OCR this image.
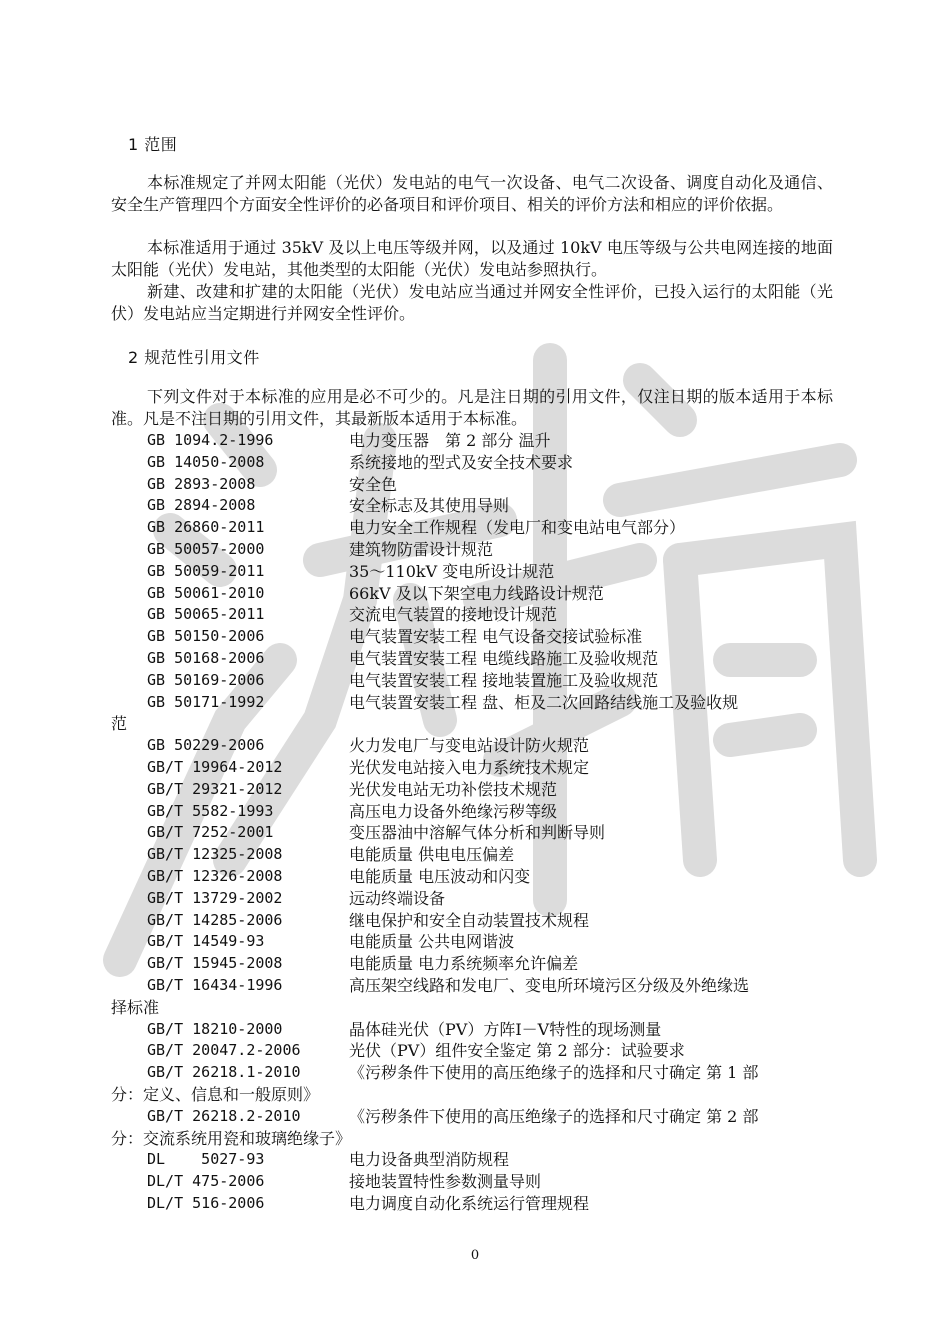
1 范围

本标准规定了并网太阳能（光伏）发电站的电气一次设备、电气二次设备、调度自动化及通信、安全生产管理四个方面安全性评价的必备项目和评价项目、相关的评价方法和相应的评价依据。

本标准适用于通过 35kV 及以上电压等级并网，以及通过 10kV 电压等级与公共电网连接的地面太阳能（光伏）发电站，其他类型的太阳能（光伏）发电站参照执行。

新建、改建和扩建的太阳能（光伏）发电站应当通过并网安全性评价，已投入运行的太阳能（光伏）发电站应当定期进行并网安全性评价。

2 规范性引用文件

下列文件对于本标准的应用是必不可少的。凡是注日期的引用文件，仅注日期的版本适用于本标准。凡是不注日期的引用文件，其最新版本适用于本标准。

GB 1094.2-1996	电力变压器　第 2 部分 温升
GB 14050-2008	系统接地的型式及安全技术要求
GB 2893-2008	安全色
GB 2894-2008	安全标志及其使用导则
GB 26860-2011	电力安全工作规程（发电厂和变电站电气部分）
GB 50057-2000	建筑物防雷设计规范
GB 50059-2011	35～110kV 变电所设计规范
GB 50061-2010	66kV 及以下架空电力线路设计规范
GB 50065-2011	交流电气装置的接地设计规范
GB 50150-2006	电气装置安装工程 电气设备交接试验标准
GB 50168-2006	电气装置安装工程 电缆线路施工及验收规范
GB 50169-2006	电气装置安装工程 接地装置施工及验收规范
GB 50171-1992	电气装置安装工程 盘、柜及二次回路结线施工及验收规
范
GB 50229-2006	火力发电厂与变电站设计防火规范
GB/T 19964-2012	光伏发电站接入电力系统技术规定
GB/T 29321-2012	光伏发电站无功补偿技术规范
GB/T 5582-1993	高压电力设备外绝缘污秽等级
GB/T 7252-2001	变压器油中溶解气体分析和判断导则
GB/T 12325-2008	电能质量 供电电压偏差
GB/T 12326-2008	电能质量 电压波动和闪变
GB/T 13729-2002	远动终端设备
GB/T 14285-2006	继电保护和安全自动装置技术规程
GB/T 14549-93	电能质量 公共电网谐波
GB/T 15945-2008	电能质量 电力系统频率允许偏差
GB/T 16434-1996	高压架空线路和发电厂、变电所环境污区分级及外绝缘选
择标准
GB/T 18210-2000	晶体硅光伏（PV）方阵Ⅰ－Ⅴ特性的现场测量
GB/T 20047.2-2006	光伏（PV）组件安全鉴定 第 2 部分：试验要求
GB/T 26218.1-2010	《污秽条件下使用的高压绝缘子的选择和尺寸确定 第 1 部
分：定义、信息和一般原则》
GB/T 26218.2-2010	《污秽条件下使用的高压绝缘子的选择和尺寸确定 第 2 部
分：交流系统用瓷和玻璃绝缘子》
DL    5027-93	电力设备典型消防规程
DL/T 475-2006	接地装置特性参数测量导则
DL/T 516-2006	电力调度自动化系统运行管理规程
0
